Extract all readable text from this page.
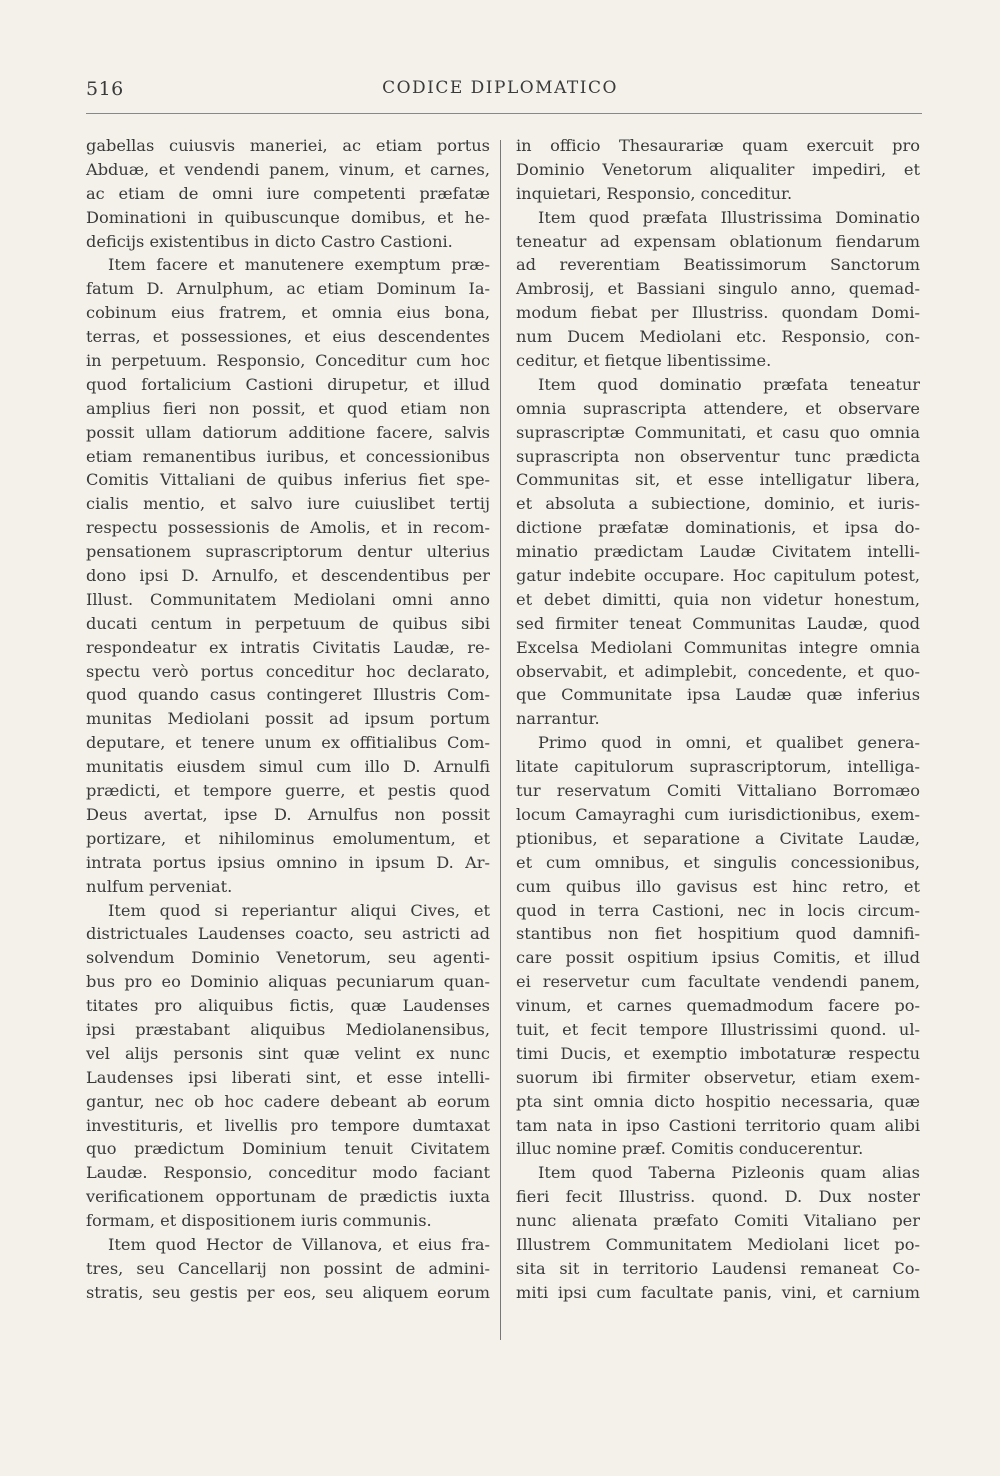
516	CODICE DIPLOMATICO
gabellas cuiusvis maneriei, ac etiam portus
Abduæ, et vendendi panem, vinum, et carnes,
ac etiam de omni iure competenti præfatæ
Dominationi in quibuscunque domibus, et he-
deficijs existentibus in dicto Castro Castioni.
Item facere et manutenere exemptum præ-
fatum D. Arnulphum, ac etiam Dominum Ia-
cobinum eius fratrem, et omnia eius bona,
terras, et possessiones, et eius descendentes
in perpetuum. Responsio, Conceditur cum hoc
quod fortalicium Castioni dirupetur, et illud
amplius fieri non possit, et quod etiam non
possit ullam datiorum additione facere, salvis
etiam remanentibus iuribus, et concessionibus
Comitis Vittaliani de quibus inferius fiet spe-
cialis mentio, et salvo iure cuiuslibet tertij
respectu possessionis de Amolis, et in recom-
pensationem suprascriptorum dentur ulterius
dono ipsi D. Arnulfo, et descendentibus per
Illust. Communitatem Mediolani omni anno
ducati centum in perpetuum de quibus sibi
respondeatur ex intratis Civitatis Laudæ, re-
spectu verò portus conceditur hoc declarato,
quod quando casus contingeret Illustris Com-
munitas Mediolani possit ad ipsum portum
deputare, et tenere unum ex offitialibus Com-
munitatis eiusdem simul cum illo D. Arnulfi
prædicti, et tempore guerre, et pestis quod
Deus avertat, ipse D. Arnulfus non possit
portizare, et nihilominus emolumentum, et
intrata portus ipsius omnino in ipsum D. Ar-
nulfum perveniat.
Item quod si reperiantur aliqui Cives, et
districtuales Laudenses coacto, seu astricti ad
solvendum Dominio Venetorum, seu agenti-
bus pro eo Dominio aliquas pecuniarum quan-
titates pro aliquibus fictis, quæ Laudenses
ipsi præstabant aliquibus Mediolanensibus,
vel alijs personis sint quæ velint ex nunc
Laudenses ipsi liberati sint, et esse intelli-
gantur, nec ob hoc cadere debeant ab eorum
investituris, et livellis pro tempore dumtaxat
quo prædictum Dominium tenuit Civitatem
Laudæ. Responsio, conceditur modo faciant
verificationem opportunam de prædictis iuxta
formam, et dispositionem iuris communis.
Item quod Hector de Villanova, et eius fra-
tres, seu Cancellarij non possint de admini-
stratis, seu gestis per eos, seu aliquem eorum
in officio Thesaurariæ quam exercuit pro
Dominio Venetorum aliqualiter impediri, et
inquietari, Responsio, conceditur.
Item quod præfata Illustrissima Dominatio
teneatur ad expensam oblationum fiendarum
ad reverentiam Beatissimorum Sanctorum
Ambrosij, et Bassiani singulo anno, quemad-
modum fiebat per Illustriss. quondam Domi-
num Ducem Mediolani etc. Responsio, con-
ceditur, et fietque libentissime.
Item quod dominatio præfata teneatur
omnia suprascripta attendere, et observare
suprascriptæ Communitati, et casu quo omnia
suprascripta non observentur tunc prædicta
Communitas sit, et esse intelligatur libera,
et absoluta a subiectione, dominio, et iuris-
dictione præfatæ dominationis, et ipsa do-
minatio prædictam Laudæ Civitatem intelli-
gatur indebite occupare. Hoc capitulum potest,
et debet dimitti, quia non videtur honestum,
sed firmiter teneat Communitas Laudæ, quod
Excelsa Mediolani Communitas integre omnia
observabit, et adimplebit, concedente, et quo-
que Communitate ipsa Laudæ quæ inferius
narrantur.
Primo quod in omni, et qualibet genera-
litate capitulorum suprascriptorum, intelliga-
tur reservatum Comiti Vittaliano Borromæo
locum Camayraghi cum iurisdictionibus, exem-
ptionibus, et separatione a Civitate Laudæ,
et cum omnibus, et singulis concessionibus,
cum quibus illo gavisus est hinc retro, et
quod in terra Castioni, nec in locis circum-
stantibus non fiet hospitium quod damnifi-
care possit ospitium ipsius Comitis, et illud
ei reservetur cum facultate vendendi panem,
vinum, et carnes quemadmodum facere po-
tuit, et fecit tempore Illustrissimi quond. ul-
timi Ducis, et exemptio imbotaturæ respectu
suorum ibi firmiter observetur, etiam exem-
pta sint omnia dicto hospitio necessaria, quæ
tam nata in ipso Castioni territorio quam alibi
illuc nomine præf. Comitis conducerentur.
Item quod Taberna Pizleonis quam alias
fieri fecit Illustriss. quond. D. Dux noster
nunc alienata præfato Comiti Vitaliano per
Illustrem Communitatem Mediolani licet po-
sita sit in territorio Laudensi remaneat Co-
miti ipsi cum facultate panis, vini, et carnium
